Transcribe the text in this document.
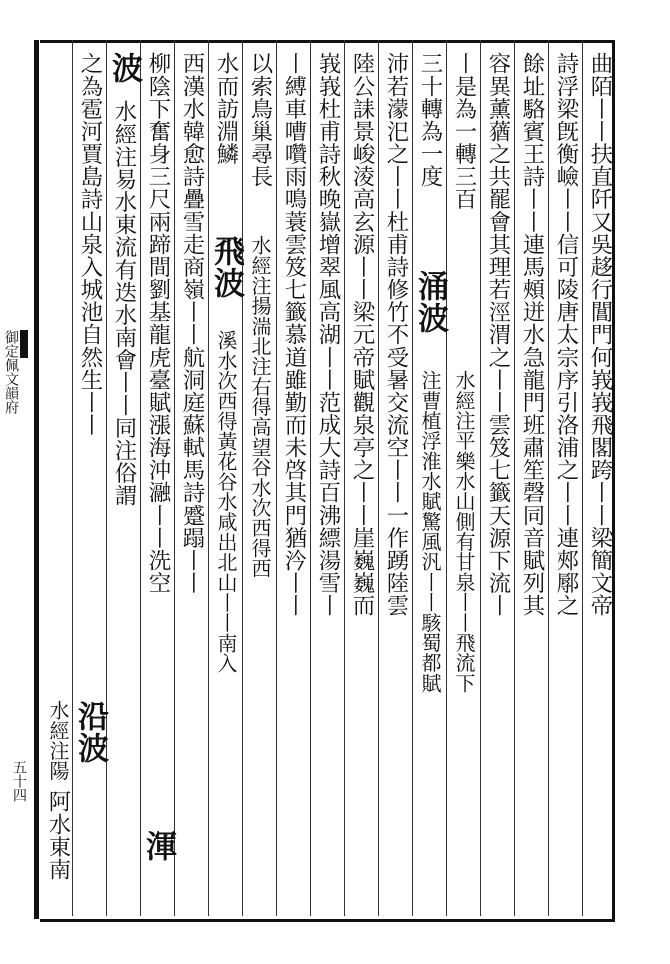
御定佩文韻府
五十四
曲陌丨丨扶直阡又吳趍行閶門何峩峩飛閣跨丨丨梁簡文帝
詩浮梁旣衡嶮丨丨信可陵唐太宗序引洛浦之丨丨連郟鄏之
餘址駱賓王詩丨丨連馬頰迸水急龍門班肅笙磬同音賦列其
容異薰蕕之共罷會其理若涇渭之丨丨雲笈七籤天源下流丨
丨是為一轉三百
三十轉為一度
涌波
水經注平樂水山側有甘泉丨丨飛流下
注曹植浮淮水賦驚風汎丨丨駭蜀都賦
沛若濛汜之丨丨杜甫詩修竹不受暑交流空丨丨一作踴陸雲
陸公誄景峻淩高玄源丨丨梁元帝賦觀泉亭之丨丨崖巍巍而
峩峩杜甫詩秋晚嶽增翠風高湖丨丨范成大詩百沸縹湯雪丨
丨縛車嘈囋雨鳴蓑雲笈七籤慕道雖勤而未啓其門猶汵丨丨
以索鳥巢尋長
飛波 水經注揚湍北注右得高望谷水次西得西
水而訪淵鱗
溪水次西得黃花谷水咸出北山丨丨南入
西漢水韓愈詩疊雪走商嶺丨丨航洞庭蘇軾馬詩蹙蹋丨丨
柳陰下奮身三尺兩蹄間劉基龍虎臺賦漲海沖瀜丨丨洗空
渾
波
水經注易水東流有迭水南會丨丨同注俗謂
之為雹河賈島詩山泉入城池自然生丨丨
沿波
水經注陽
阿水東南
